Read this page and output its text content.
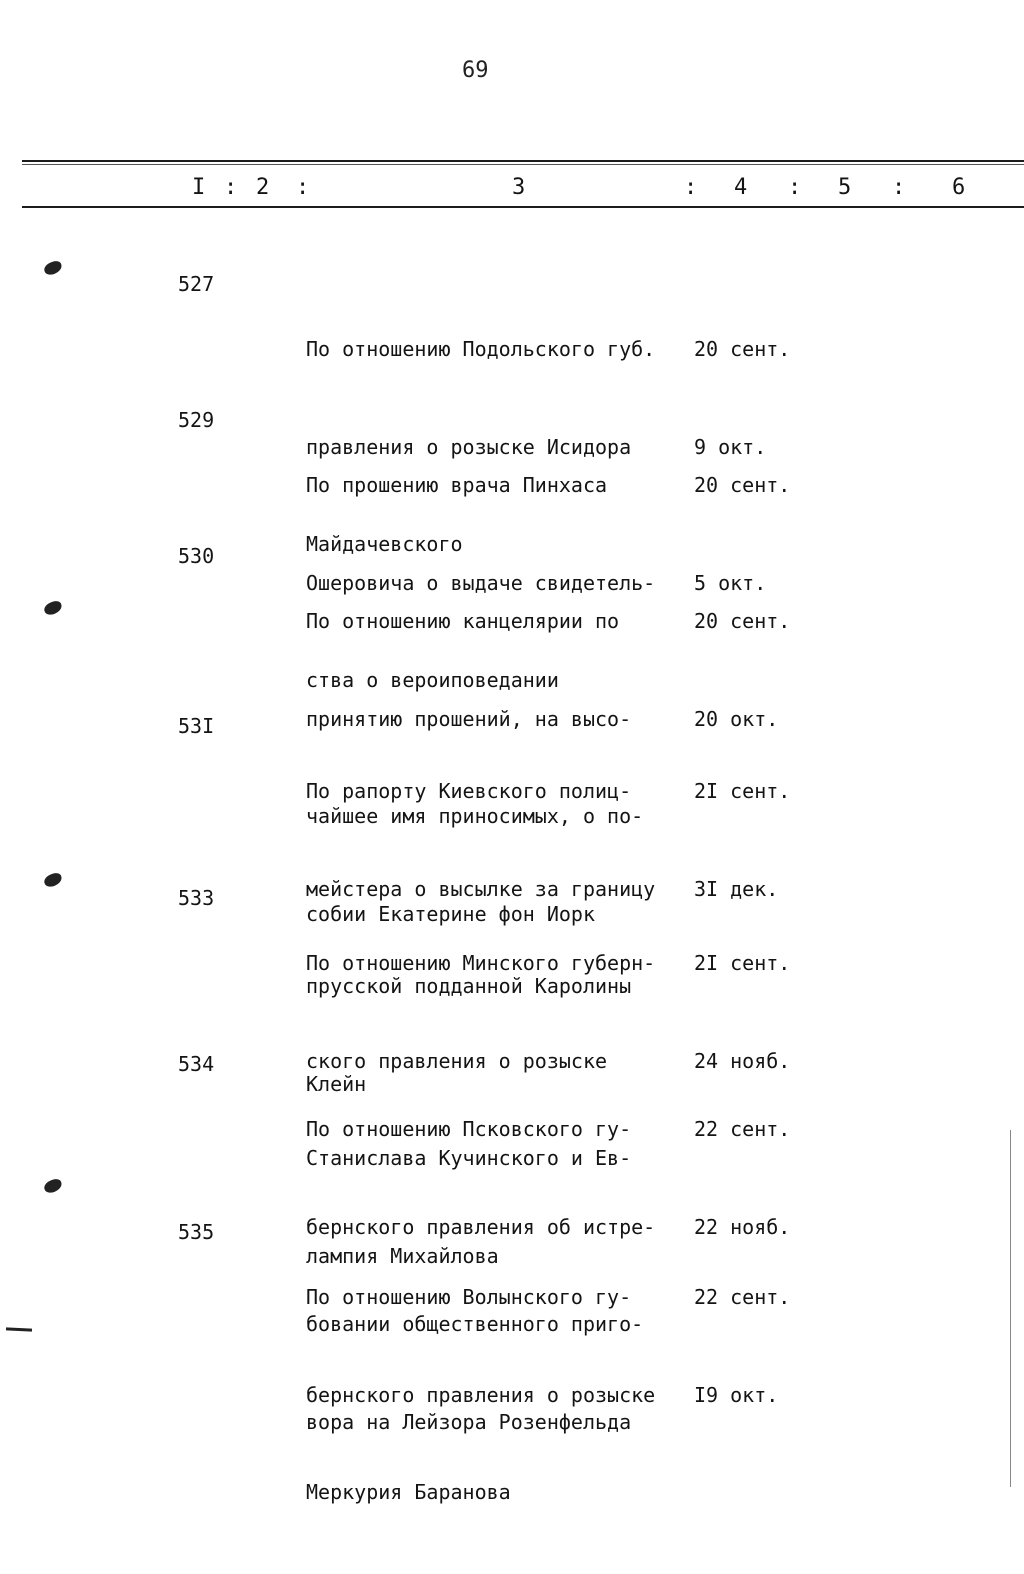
69
I : 2 :	3	: 4 : 5 : 6
527

По отношению Подольского губ.

правления о розыске Исидора

Майдачевского

20 сент.

9 окт.

529

По прошению врача Пинхаса

Ошеровича о выдаче свидетель-

ства о вероиповедании

20 сент.

5 окт.

530

По отношению канцелярии по

принятию прошений, на высо-

чайшее имя приносимых, о по-

собии Екатерине фон Иорк

20 сент.

20 окт.

53I

По рапорту Киевского полиц-

мейстера о высылке за границу

прусской подданной Каролины

Клейн

2I сент.

3I дек.

533

По отношению Минского губерн-

ского правления о розыске

Станислава Кучинского и Ев-

лампия Михайлова

2I сент.

24 нояб.

534

По отношению Псковского гу-

бернского правления об истре-

бовании общественного приго-

вора на Лейзора Розенфельда

22 сент.

22 нояб.

535

По отношению Волынского гу-

бернского правления о розыске

Меркурия Баранова

22 сент.

I9 окт.
